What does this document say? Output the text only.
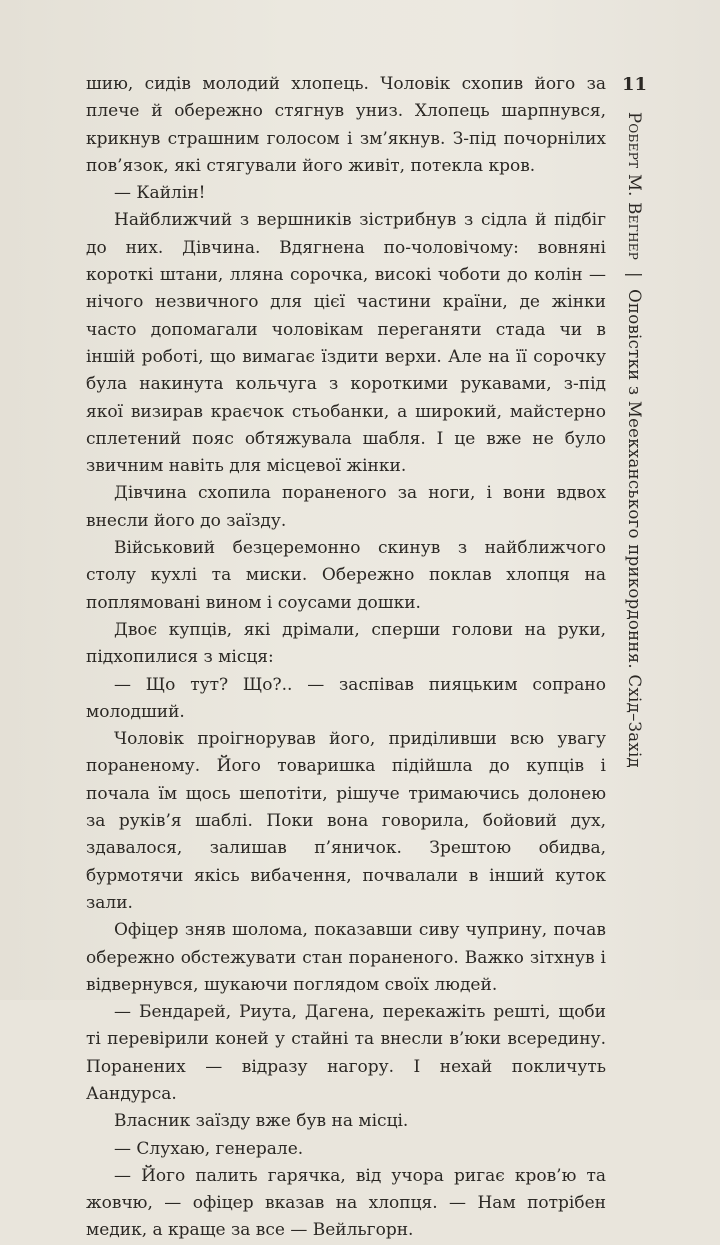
шию, сидів молодий хлопець. Чоловік схопив його за плече й обережно стягнув униз. Хлопець шарпнувся, крикнув страшним голосом і зм’якнув. З-під почорнілих пов’язок, які стягували його живіт, потекла кров.

— Кайлін!

Найближчий з вершників зістрибнув з сідла й підбіг до них. Дівчина. Вдягнена по-чоловічому: вовняні короткі штани, лляна сорочка, високі чоботи до колін — нічого незвичного для цієї частини країни, де жінки часто допомагали чоловікам переганяти стада чи в іншій роботі, що вимагає їздити верхи. Але на її сорочку була накинута кольчуга з короткими рукавами, з-під якої визирав краєчок стьобанки, а широкий, майстерно сплетений пояс обтяжувала шабля. І це вже не було звичним навіть для місцевої жінки.

Дівчина схопила пораненого за ноги, і вони вдвох внесли його до заїзду.

Військовий безцеремонно скинув з найближчого столу кухлі та миски. Обережно поклав хлопця на поплямовані вином і соусами дошки.

Двоє купців, які дрімали, сперши голови на руки, підхопилися з місця:

— Що тут? Що?.. — заспівав пияцьким сопрано молодший.

Чоловік проігнорував його, приділивши всю увагу пораненому. Його товаришка підійшла до купців і почала їм щось шепотіти, рішуче тримаючись долонею за руків’я шаблі. Поки вона говорила, бойовий дух, здавалося, залишав п’яничок. Зрештою обидва, бурмотячи якісь вибачення, почвалали в інший куток зали.

Офіцер зняв шолома, показавши сиву чуприну, почав обережно обстежувати стан пораненого. Важко зітхнув і відвернувся, шукаючи поглядом своїх людей.

— Бендарей, Риута, Дагена, перекажіть решті, щоби ті перевірили коней у стайні та внесли в’юки всередину. Поранених — відразу нагору. І нехай покличуть Аандурса.

Власник заїзду вже був на місці.

— Слухаю, генерале.

— Його палить гарячка, від учора ригає кров’ю та жовчю, — офіцер вказав на хлопця. — Нам потрібен медик, а краще за все — Вейльгорн.

11
Роберт М. Вегнер | Оповістки з Меекханського прикордоння. Схід–Захід
